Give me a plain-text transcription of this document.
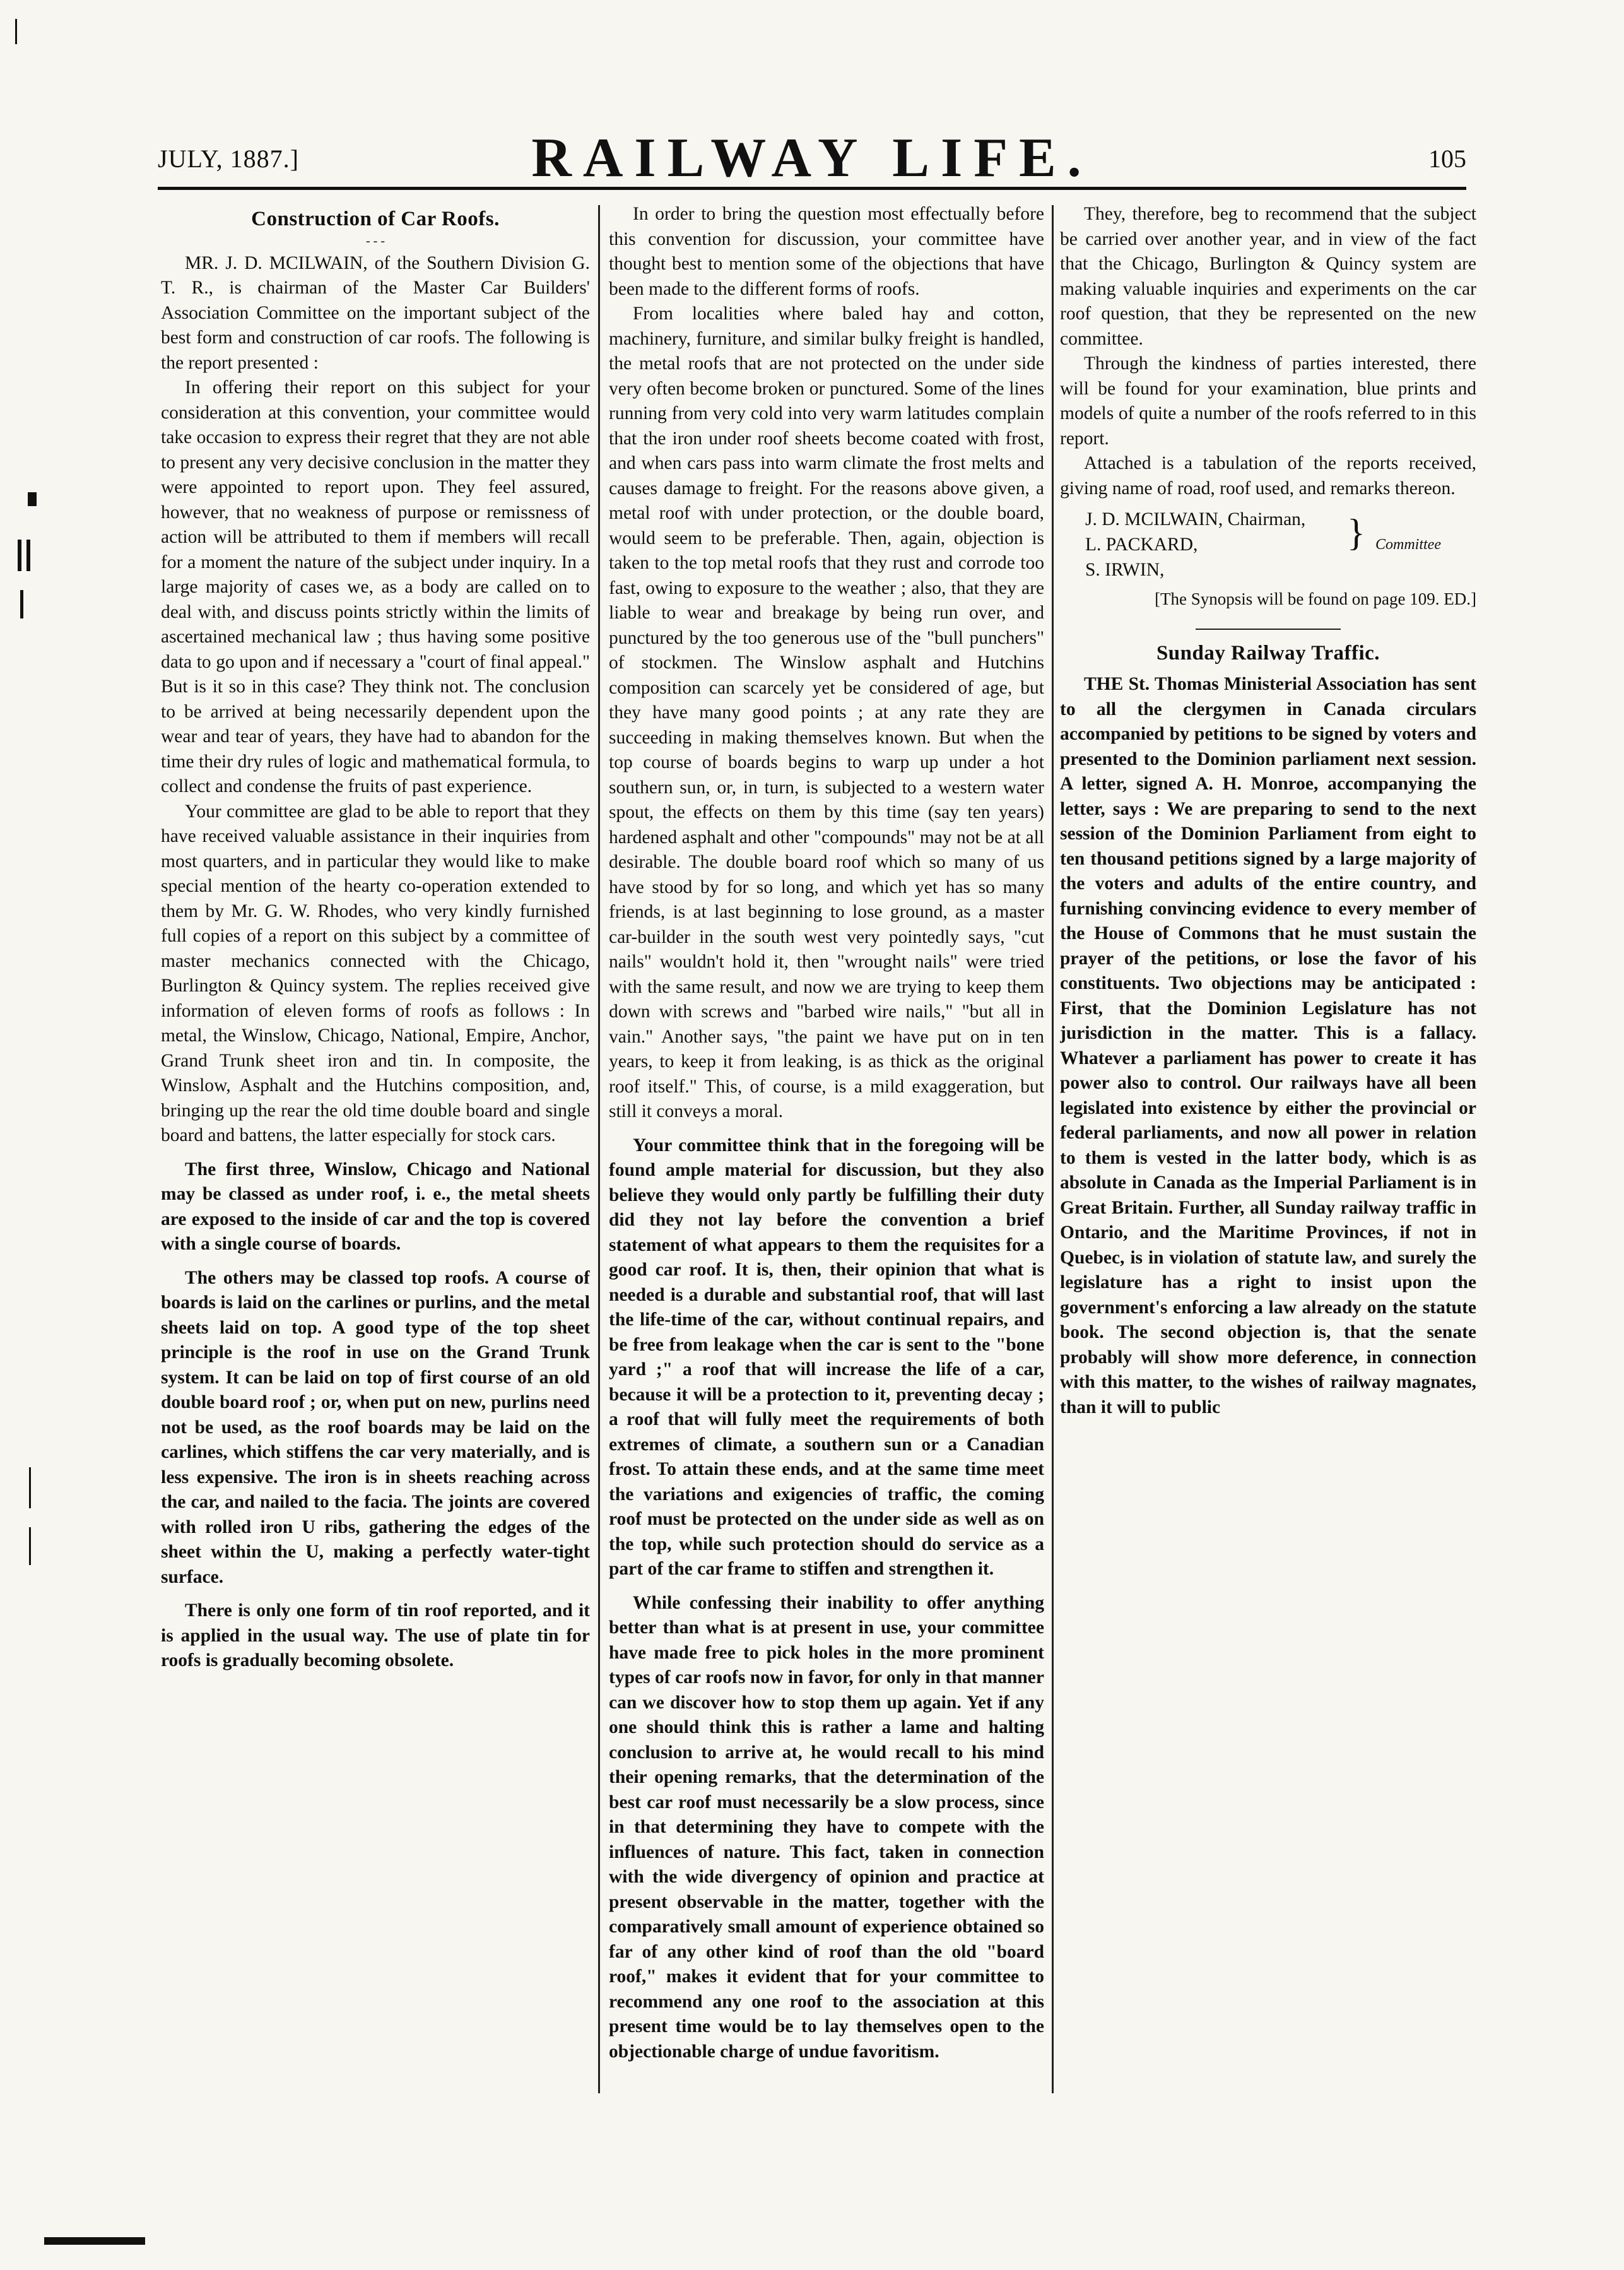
JULY, 1887.]	RAILWAY LIFE.	105
Construction of Car Roofs.
- - -

MR. J. D. MCILWAIN, of the Southern Division G. T. R., is chairman of the Master Car Builders' Association Committee on the important subject of the best form and construction of car roofs. The following is the report presented :

In offering their report on this subject for your consideration at this convention, your committee would take occasion to express their regret that they are not able to present any very decisive conclusion in the matter they were appointed to report upon. They feel assured, however, that no weakness of purpose or remissness of action will be attributed to them if members will recall for a moment the nature of the subject under inquiry. In a large majority of cases we, as a body are called on to deal with, and discuss points strictly within the limits of ascertained mechanical law ; thus having some positive data to go upon and if necessary a "court of final appeal." But is it so in this case? They think not. The conclusion to be arrived at being necessarily dependent upon the wear and tear of years, they have had to abandon for the time their dry rules of logic and mathematical formula, to collect and condense the fruits of past experience.

Your committee are glad to be able to report that they have received valuable assistance in their inquiries from most quarters, and in particular they would like to make special mention of the hearty co-operation extended to them by Mr. G. W. Rhodes, who very kindly furnished full copies of a report on this subject by a committee of master mechanics connected with the Chicago, Burlington & Quincy system. The replies received give information of eleven forms of roofs as follows : In metal, the Winslow, Chicago, National, Empire, Anchor, Grand Trunk sheet iron and tin. In composite, the Winslow, Asphalt and the Hutchins composition, and, bringing up the rear the old time double board and single board and battens, the latter especially for stock cars.

The first three, Winslow, Chicago and National may be classed as under roof, i. e., the metal sheets are exposed to the inside of car and the top is covered with a single course of boards.

The others may be classed top roofs. A course of boards is laid on the carlines or purlins, and the metal sheets laid on top. A good type of the top sheet principle is the roof in use on the Grand Trunk system. It can be laid on top of first course of an old double board roof ; or, when put on new, purlins need not be used, as the roof boards may be laid on the carlines, which stiffens the car very materially, and is less expensive. The iron is in sheets reaching across the car, and nailed to the facia. The joints are covered with rolled iron U ribs, gathering the edges of the sheet within the U, making a perfectly water-tight surface.

There is only one form of tin roof reported, and it is applied in the usual way. The use of plate tin for roofs is gradually becoming obsolete.

In order to bring the question most effectually before this convention for discussion, your committee have thought best to mention some of the objections that have been made to the different forms of roofs.

From localities where baled hay and cotton, machinery, furniture, and similar bulky freight is handled, the metal roofs that are not protected on the under side very often become broken or punctured. Some of the lines running from very cold into very warm latitudes complain that the iron under roof sheets become coated with frost, and when cars pass into warm climate the frost melts and causes damage to freight. For the reasons above given, a metal roof with under protection, or the double board, would seem to be preferable. Then, again, objection is taken to the top metal roofs that they rust and corrode too fast, owing to exposure to the weather ; also, that they are liable to wear and breakage by being run over, and punctured by the too generous use of the "bull punchers" of stockmen. The Winslow asphalt and Hutchins composition can scarcely yet be considered of age, but they have many good points ; at any rate they are succeeding in making themselves known. But when the top course of boards begins to warp up under a hot southern sun, or, in turn, is subjected to a western water spout, the effects on them by this time (say ten years) hardened asphalt and other "compounds" may not be at all desirable. The double board roof which so many of us have stood by for so long, and which yet has so many friends, is at last beginning to lose ground, as a master car-builder in the south west very pointedly says, "cut nails" wouldn't hold it, then "wrought nails" were tried with the same result, and now we are trying to keep them down with screws and "barbed wire nails," "but all in vain." Another says, "the paint we have put on in ten years, to keep it from leaking, is as thick as the original roof itself." This, of course, is a mild exaggeration, but still it conveys a moral.

Your committee think that in the foregoing will be found ample material for discussion, but they also believe they would only partly be fulfilling their duty did they not lay before the convention a brief statement of what appears to them the requisites for a good car roof. It is, then, their opinion that what is needed is a durable and substantial roof, that will last the life-time of the car, without continual repairs, and be free from leakage when the car is sent to the "bone yard ;" a roof that will increase the life of a car, because it will be a protection to it, preventing decay ; a roof that will fully meet the requirements of both extremes of climate, a southern sun or a Canadian frost. To attain these ends, and at the same time meet the variations and exigencies of traffic, the coming roof must be protected on the under side as well as on the top, while such protection should do service as a part of the car frame to stiffen and strengthen it.

While confessing their inability to offer anything better than what is at present in use, your committee have made free to pick holes in the more prominent types of car roofs now in favor, for only in that manner can we discover how to stop them up again. Yet if any one should think this is rather a lame and halting conclusion to arrive at, he would recall to his mind their opening remarks, that the determination of the best car roof must necessarily be a slow process, since in that determining they have to compete with the influences of nature. This fact, taken in connection with the wide divergency of opinion and practice at present observable in the matter, together with the comparatively small amount of experience obtained so far of any other kind of roof than the old "board roof," makes it evident that for your committee to recommend any one roof to the association at this present time would be to lay themselves open to the objectionable charge of undue favoritism.

They, therefore, beg to recommend that the subject be carried over another year, and in view of the fact that the Chicago, Burlington & Quincy system are making valuable inquiries and experiments on the car roof question, that they be represented on the new committee.

Through the kindness of parties interested, there will be found for your examination, blue prints and models of quite a number of the roofs referred to in this report.

Attached is a tabulation of the reports received, giving name of road, roof used, and remarks thereon.

J. D. MCILWAIN, Chairman,
L. PACKARD,
S. IRWIN,
} Committee
[The Synopsis will be found on page 109. ED.]
Sunday Railway Traffic.

THE St. Thomas Ministerial Association has sent to all the clergymen in Canada circulars accompanied by petitions to be signed by voters and presented to the Dominion parliament next session. A letter, signed A. H. Monroe, accompanying the letter, says : We are preparing to send to the next session of the Dominion Parliament from eight to ten thousand petitions signed by a large majority of the voters and adults of the entire country, and furnishing convincing evidence to every member of the House of Commons that he must sustain the prayer of the petitions, or lose the favor of his constituents. Two objections may be anticipated : First, that the Dominion Legislature has not jurisdiction in the matter. This is a fallacy. Whatever a parliament has power to create it has power also to control. Our railways have all been legislated into existence by either the provincial or federal parliaments, and now all power in relation to them is vested in the latter body, which is as absolute in Canada as the Imperial Parliament is in Great Britain. Further, all Sunday railway traffic in Ontario, and the Maritime Provinces, if not in Quebec, is in violation of statute law, and surely the legislature has a right to insist upon the government's enforcing a law already on the statute book. The second objection is, that the senate probably will show more deference, in connection with this matter, to the wishes of railway magnates, than it will to public
